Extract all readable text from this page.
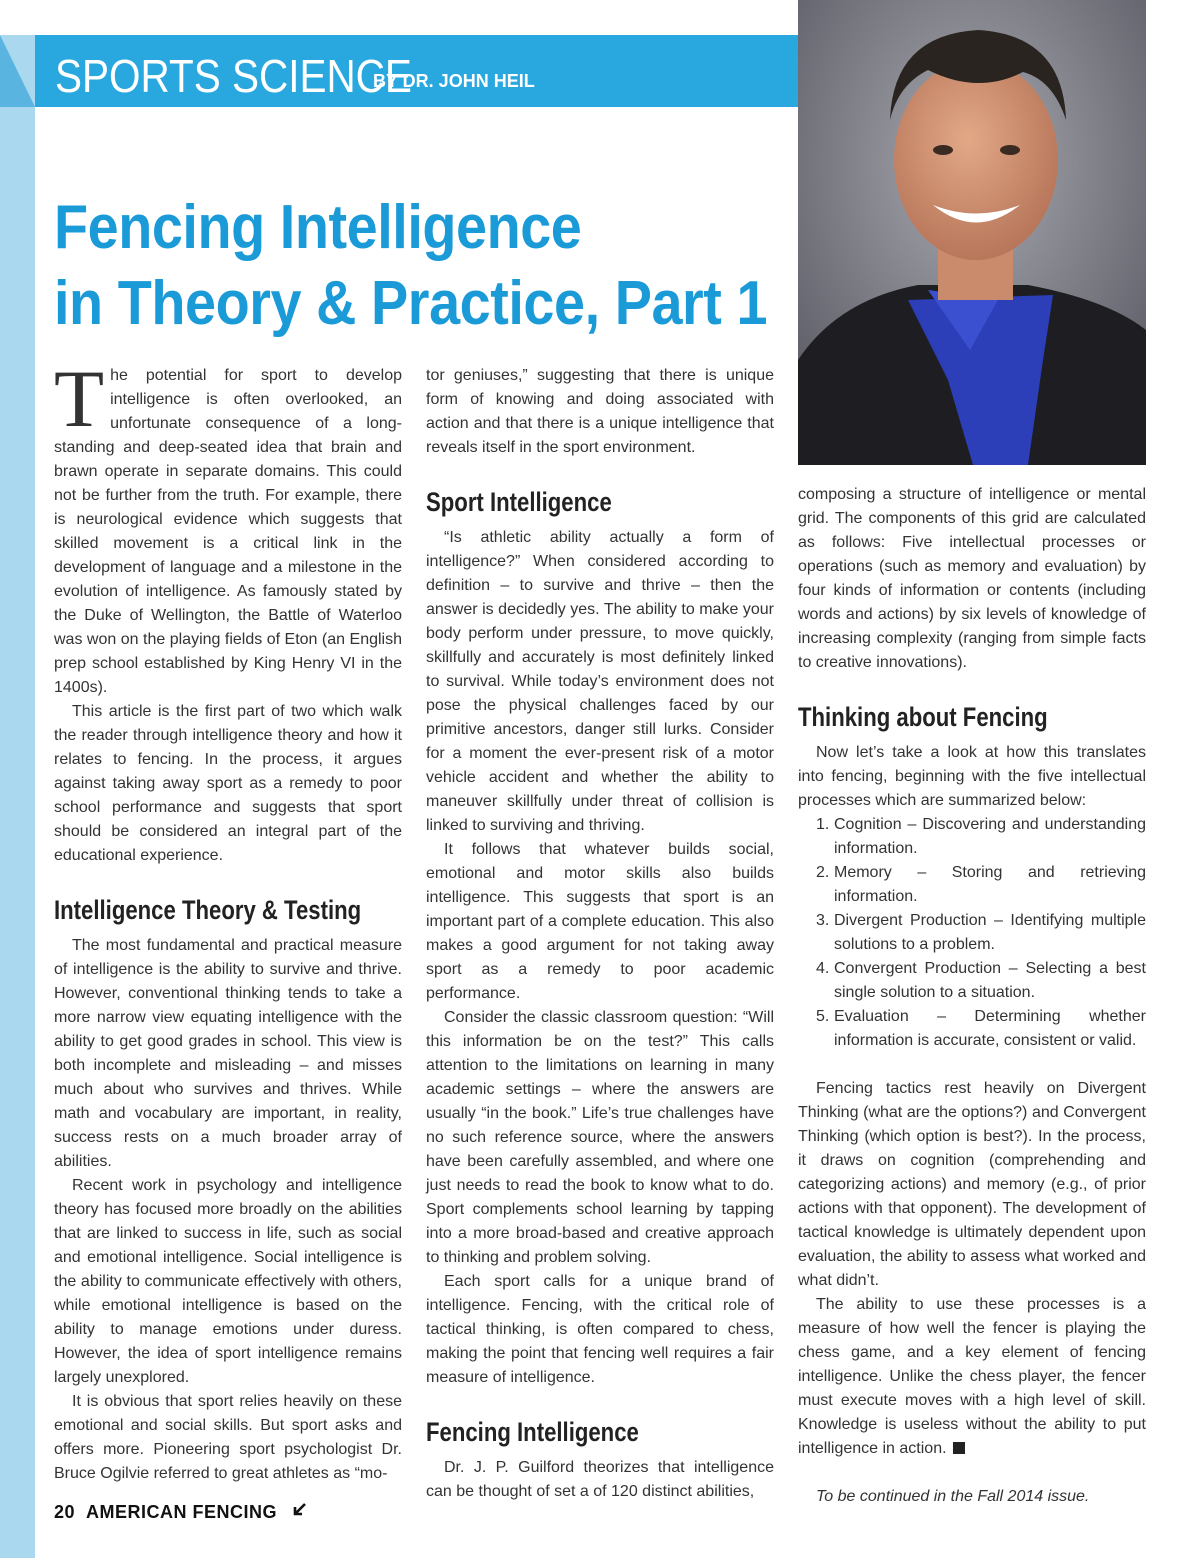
SPORTS SCIENCE
BY DR. JOHN HEIL
Fencing Intelligence
in Theory & Practice, Part 1

The potential for sport to develop intelligence is often overlooked, an unfortunate consequence of a long-standing and deep-seated idea that brain and brawn operate in separate domains. This could not be further from the truth. For example, there is neurological evidence which suggests that skilled movement is a critical link in the development of language and a milestone in the evolution of intelligence. As famously stated by the Duke of Wellington, the Battle of Waterloo was won on the playing fields of Eton (an English prep school established by King Henry VI in the 1400s).

This article is the first part of two which walk the reader through intelligence theory and how it relates to fencing. In the process, it argues against taking away sport as a remedy to poor school performance and suggests that sport should be considered an integral part of the educational experience.

Intelligence Theory & Testing

The most fundamental and practical measure of intelligence is the ability to survive and thrive. However, conventional thinking tends to take a more narrow view equating intelligence with the ability to get good grades in school. This view is both incomplete and misleading – and misses much about who survives and thrives. While math and vocabulary are important, in reality, success rests on a much broader array of abilities.

Recent work in psychology and intelligence theory has focused more broadly on the abilities that are linked to success in life, such as social and emotional intelligence. Social intelligence is the ability to communicate effectively with others, while emotional intelligence is based on the ability to manage emotions under duress. However, the idea of sport intelligence remains largely unexplored.

It is obvious that sport relies heavily on these emotional and social skills. But sport asks and offers more. Pioneering sport psychologist Dr. Bruce Ogilvie referred to great athletes as “mo-

tor geniuses,” suggesting that there is unique form of knowing and doing associated with action and that there is a unique intelligence that reveals itself in the sport environment.

Sport Intelligence

“Is athletic ability actually a form of intelligence?” When considered according to definition – to survive and thrive – then the answer is decidedly yes. The ability to make your body perform under pressure, to move quickly, skillfully and accurately is most definitely linked to survival. While today’s environment does not pose the physical challenges faced by our primitive ancestors, danger still lurks. Consider for a moment the ever-present risk of a motor vehicle accident and whether the ability to maneuver skillfully under threat of collision is linked to surviving and thriving.

It follows that whatever builds social, emotional and motor skills also builds intelligence. This suggests that sport is an important part of a complete education. This also makes a good argument for not taking away sport as a remedy to poor academic performance.

Consider the classic classroom question: “Will this information be on the test?” This calls attention to the limitations on learning in many academic settings – where the answers are usually “in the book.” Life’s true challenges have no such reference source, where the answers have been carefully assembled, and where one just needs to read the book to know what to do. Sport complements school learning by tapping into a more broad-based and creative approach to thinking and problem solving.

Each sport calls for a unique brand of intelligence. Fencing, with the critical role of tactical thinking, is often compared to chess, making the point that fencing well requires a fair measure of intelligence.

Fencing Intelligence

Dr. J. P. Guilford theorizes that intelligence can be thought of set a of 120 distinct abilities,

composing a structure of intelligence or mental grid. The components of this grid are calculated as follows: Five intellectual processes or operations (such as memory and evaluation) by four kinds of information or contents (including words and actions) by six levels of knowledge of increasing complexity (ranging from simple facts to creative innovations).

Thinking about Fencing

Now let’s take a look at how this translates into fencing, beginning with the five intellectual processes which are summarized below:

1. Cognition – Discovering and understanding information.
2. Memory – Storing and retrieving information.
3. Divergent Production – Identifying multiple solutions to a problem.
4. Convergent Production – Selecting a best single solution to a situation.
5. Evaluation – Determining whether information is accurate, consistent or valid.

Fencing tactics rest heavily on Divergent Thinking (what are the options?) and Convergent Thinking (which option is best?). In the process, it draws on cognition (comprehending and categorizing actions) and memory (e.g., of prior actions with that opponent). The development of tactical knowledge is ultimately dependent upon evaluation, the ability to assess what worked and what didn’t.

The ability to use these processes is a measure of how well the fencer is playing the chess game, and a key element of fencing intelligence. Unlike the chess player, the fencer must execute moves with a high level of skill. Knowledge is useless without the ability to put intelligence in action.

To be continued in the Fall 2014 issue.

20 AMERICAN FENCING
